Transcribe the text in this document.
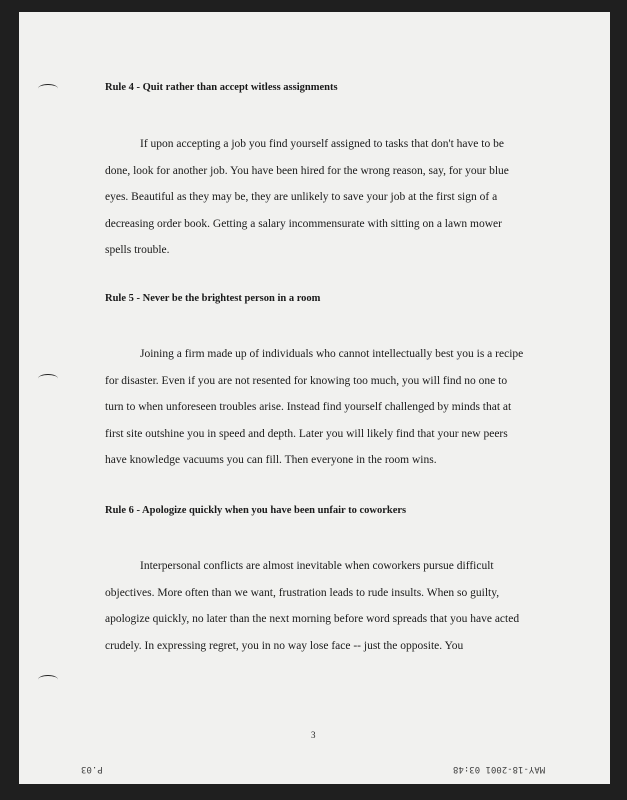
Rule 4 - Quit rather than accept witless assignments

If upon accepting a job you find yourself assigned to tasks that don't have to be done, look for another job. You have been hired for the wrong reason, say, for your blue eyes. Beautiful as they may be, they are unlikely to save your job at the first sign of a decreasing order book. Getting a salary incommensurate with sitting on a lawn mower spells trouble.

Rule 5 - Never be the brightest person in a room

Joining a firm made up of individuals who cannot intellectually best you is a recipe for disaster. Even if you are not resented for knowing too much, you will find no one to turn to when unforeseen troubles arise. Instead find yourself challenged by minds that at first site outshine you in speed and depth. Later you will likely find that your new peers have knowledge vacuums you can fill. Then everyone in the room wins.

Rule 6 - Apologize quickly when you have been unfair to coworkers

Interpersonal conflicts are almost inevitable when coworkers pursue difficult objectives. More often than we want, frustration leads to rude insults. When so guilty, apologize quickly, no later than the next morning before word spreads that you have acted crudely. In expressing regret, you in no way lose face -- just the opposite. You

3
P.03	MAY-18-2001 03:48
